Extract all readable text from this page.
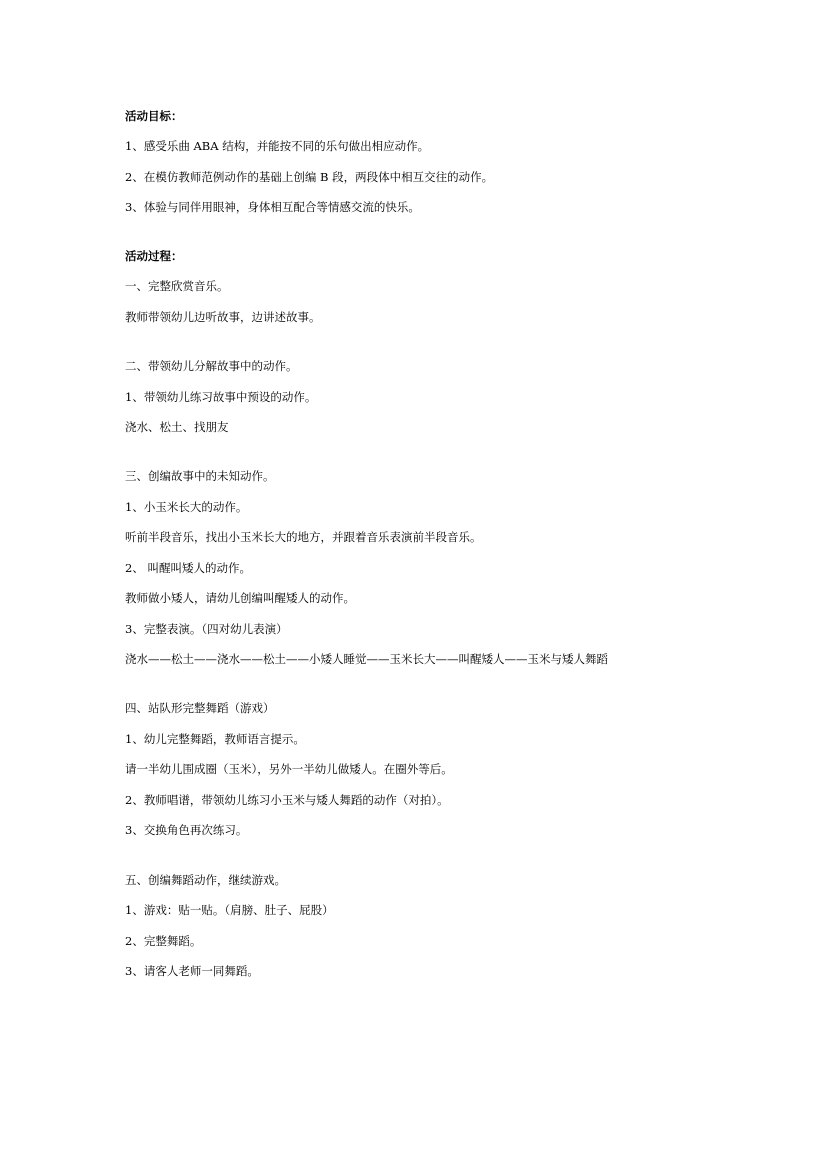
活动目标：
1、感受乐曲 ABA 结构，并能按不同的乐句做出相应动作。
2、在模仿教师范例动作的基础上创编 B 段，两段体中相互交往的动作。
3、体验与同伴用眼神，身体相互配合等情感交流的快乐。
活动过程：
一、完整欣赏音乐。
教师带领幼儿边听故事，边讲述故事。
二、带领幼儿分解故事中的动作。
1、带领幼儿练习故事中预设的动作。
浇水、松土、找朋友
三、创编故事中的未知动作。
1、小玉米长大的动作。
听前半段音乐，找出小玉米长大的地方，并跟着音乐表演前半段音乐。
2、 叫醒叫矮人的动作。
教师做小矮人，请幼儿创编叫醒矮人的动作。
3、完整表演。（四对幼儿表演）
浇水——松土——浇水——松土——小矮人睡觉——玉米长大——叫醒矮人——玉米与矮人舞蹈
四、站队形完整舞蹈（游戏）
1、幼儿完整舞蹈，教师语言提示。
请一半幼儿围成圈（玉米），另外一半幼儿做矮人。在圈外等后。
2、教师唱谱，带领幼儿练习小玉米与矮人舞蹈的动作（对拍）。
3、交换角色再次练习。
五、创编舞蹈动作，继续游戏。
1、游戏：贴一贴。（肩膀、肚子、屁股）
2、完整舞蹈。
3、请客人老师一同舞蹈。
